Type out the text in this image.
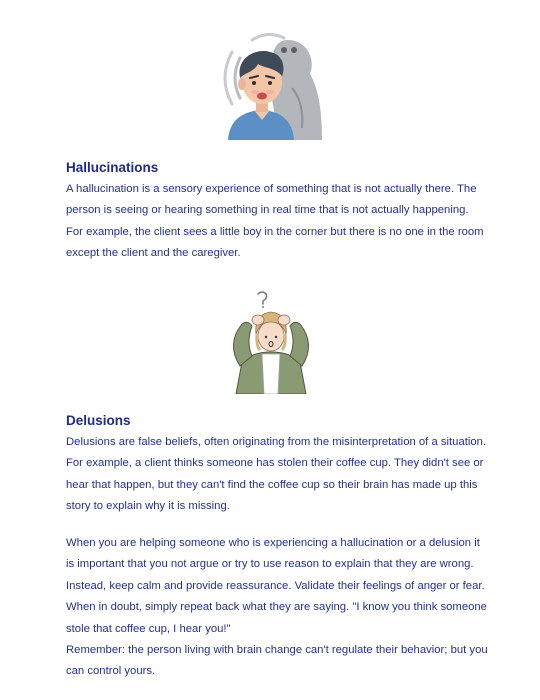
Hallucinations

A hallucination is a sensory experience of something that is not actually there. The
person is seeing or hearing something in real time that is not actually happening.
For example, the client sees a little boy in the corner but there is no one in the room
except the client and the caregiver.

Delusions

Delusions are false beliefs, often originating from the misinterpretation of a situation.
For example, a client thinks someone has stolen their coffee cup. They didn't see or
hear that happen, but they can't find the coffee cup so their brain has made up this
story to explain why it is missing.

When you are helping someone who is experiencing a hallucination or a delusion it
is important that you not argue or try to use reason to explain that they are wrong.
Instead, keep calm and provide reassurance. Validate their feelings of anger or fear.
When in doubt, simply repeat back what they are saying. "I know you think someone
stole that coffee cup, I hear you!"
Remember: the person living with brain change can't regulate their behavior; but you
can control yours.
